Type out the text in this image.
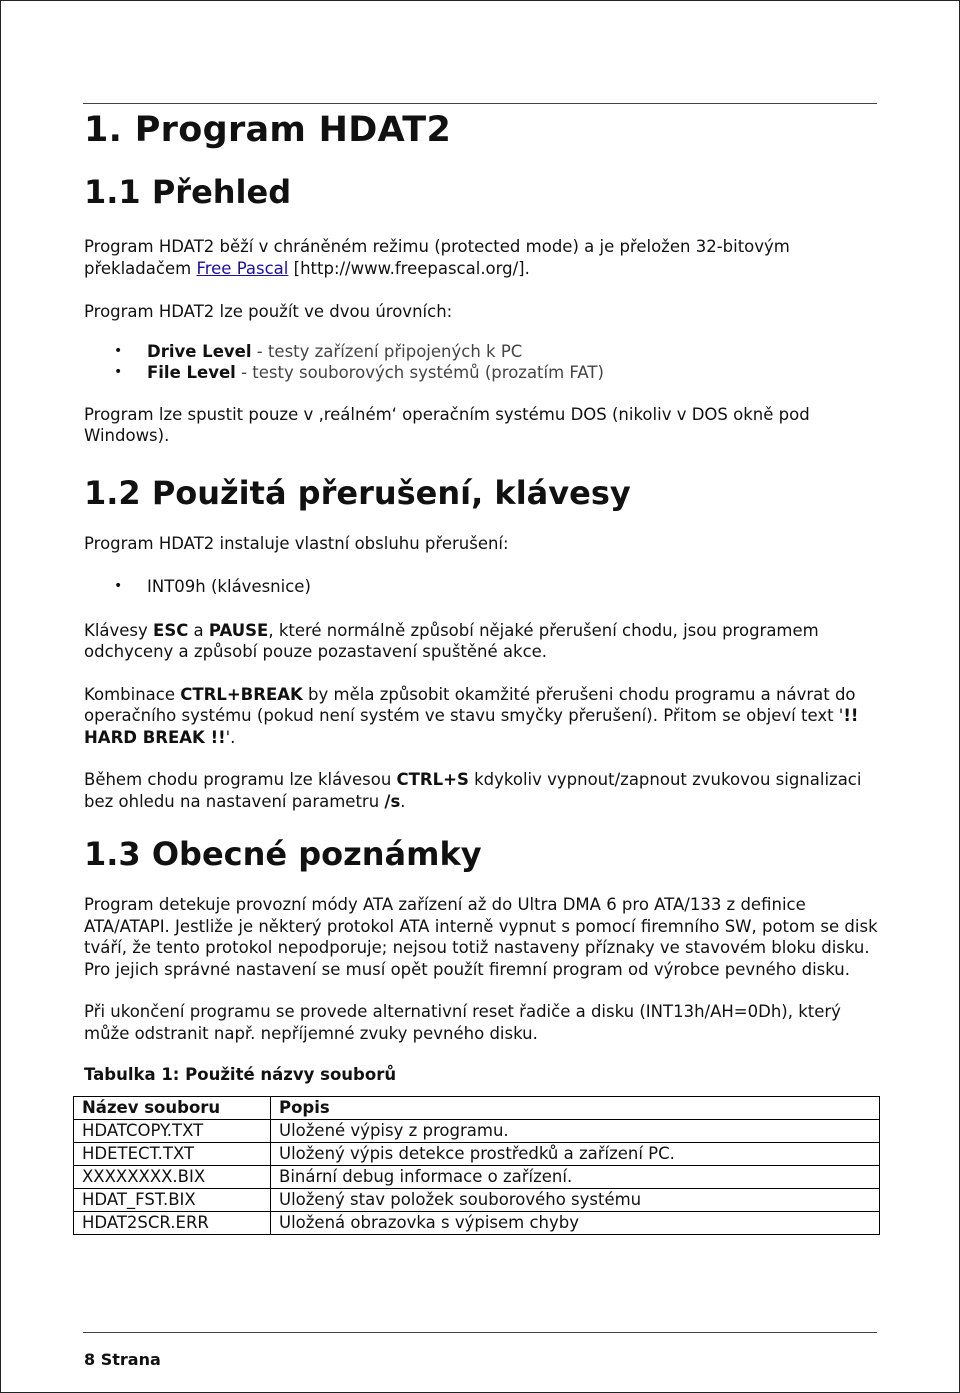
1. Program HDAT2
1.1 Přehled

Program HDAT2 běží v chráněném režimu (protected mode) a je přeložen 32-bitovým překladačem Free Pascal [http://www.freepascal.org/].

Program HDAT2 lze použít ve dvou úrovních:

• Drive Level - testy zařízení připojených k PC
• File Level - testy souborových systémů (prozatím FAT)

Program lze spustit pouze v ‚reálném‘ operačním systému DOS (nikoliv v DOS okně pod Windows).

1.2 Použitá přerušení, klávesy

Program HDAT2 instaluje vlastní obsluhu přerušení:

• INT09h (klávesnice)

Klávesy ESC a PAUSE, které normálně způsobí nějaké přerušení chodu, jsou programem odchyceny a způsobí pouze pozastavení spuštěné akce.

Kombinace CTRL+BREAK by měla způsobit okamžité přerušeni chodu programu a návrat do operačního systému (pokud není systém ve stavu smyčky přerušení). Přitom se objeví text '!! HARD BREAK !!'.

Během chodu programu lze klávesou CTRL+S kdykoliv vypnout/zapnout zvukovou signalizaci bez ohledu na nastavení parametru /s.

1.3 Obecné poznámky

Program detekuje provozní módy ATA zařízení až do Ultra DMA 6 pro ATA/133 z definice ATA/ATAPI. Jestliže je některý protokol ATA interně vypnut s pomocí firemního SW, potom se disk tváří, že tento protokol nepodporuje; nejsou totiž nastaveny příznaky ve stavovém bloku disku. Pro jejich správné nastavení se musí opět použít firemní program od výrobce pevného disku.

Při ukončení programu se provede alternativní reset řadiče a disku (INT13h/AH=0Dh), který může odstranit např. nepříjemné zvuky pevného disku.

Tabulka 1: Použité názvy souborů
Název souboru	Popis
HDATCOPY.TXT	Uložené výpisy z programu.
HDETECT.TXT	Uložený výpis detekce prostředků a zařízení PC.
XXXXXXXX.BIX	Binární debug informace o zařízení.
HDAT_FST.BIX	Uložený stav položek souborového systému
HDAT2SCR.ERR	Uložená obrazovka s výpisem chyby
8 Strana
